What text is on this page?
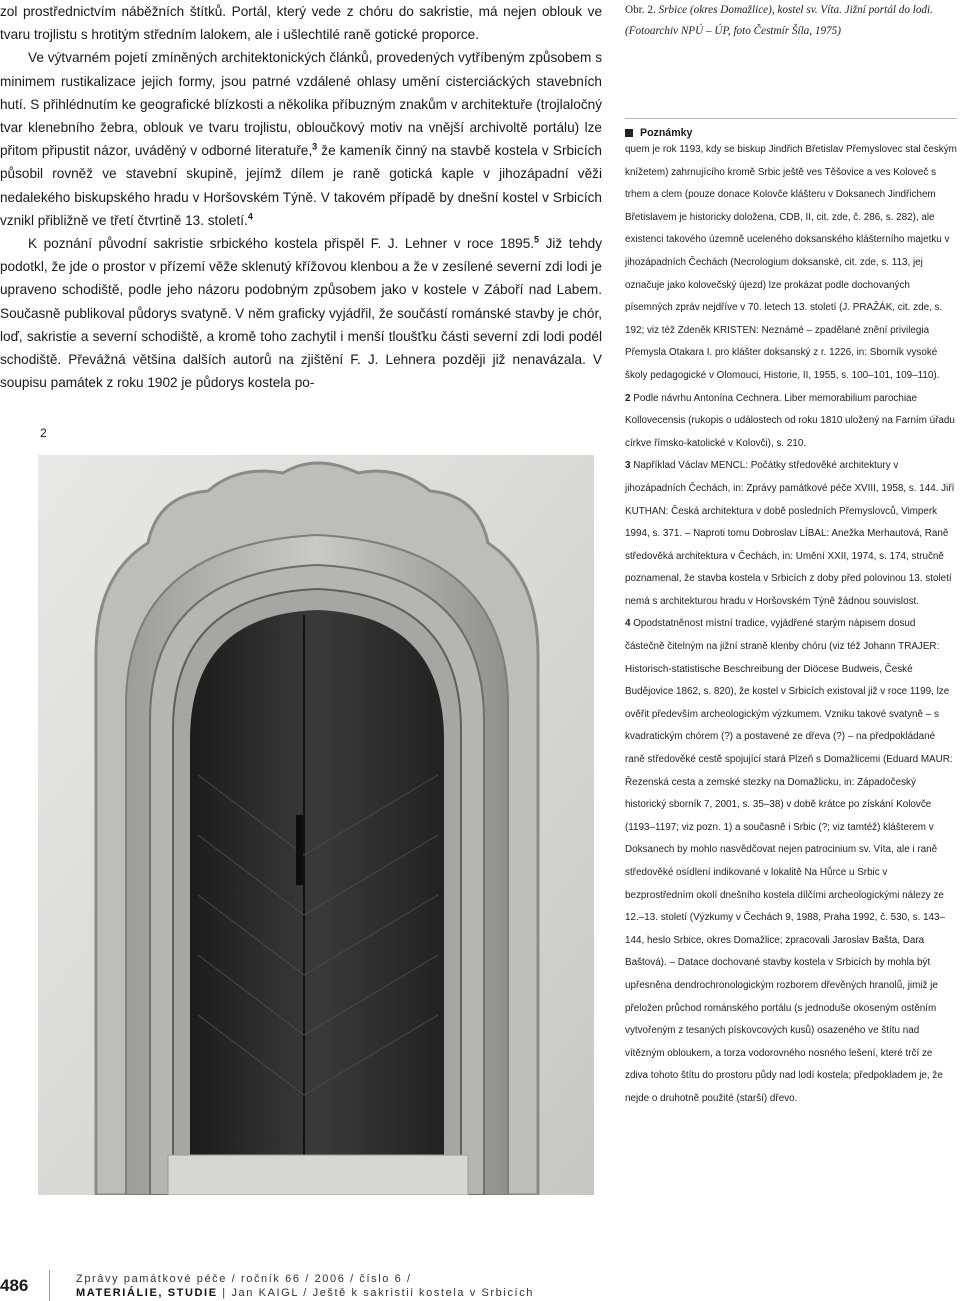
zol prostřednictvím náběžních štítků. Portál, který vede z chóru do sakristie, má nejen oblouk ve tvaru trojlistu s hrotitým středním lalokem, ale i ušlechtilé raně gotické proporce.

Ve výtvarném pojetí zmíněných architektonických článků, provedených vytříbeným způsobem s minimem rustikalizace jejich formy, jsou patrné vzdálené ohlasy umění cisterciáckých stavebních hutí. S přihlédnutím ke geografické blízkosti a několika příbuzným znakům v architektuře (trojlaločný tvar klenebního žebra, oblouk ve tvaru trojlistu, obloučkový motiv na vnější archivoltě portálu) lze přitom připustit názor, uváděný v odborné literatuře,$^3$ že kameník činný na stavbě kostela v Srbicích působil rovněž ve stavební skupině, jejímž dílem je raně gotická kaple v jihozápadní věži nedalekého biskupského hradu v Horšovském Týně. V takovém případě by dnešní kostel v Srbicích vznikl přibližně ve třetí čtvrtině 13. století.$^4$

K poznání původní sakristie srbického kostela přispěl F. J. Lehner v roce 1895.$^5$ Již tehdy podotkl, že jde o prostor v přízemí věže sklenutý křížovou klenbou a že v zesílené severní zdi lodi je upraveno schodiště, podle jeho názoru podobným způsobem jako v kostele v Záboří nad Labem. Současně publikoval půdorys svatyně. V něm graficky vyjádřil, že součástí románské stavby je chór, loď, sakristie a severní schodiště, a kromě toho zachytil i menší tloušťku části severní zdi lodi podél schodiště. Převážná většina dalších autorů na zjištění F. J. Lehnera později již nenavázala. V soupisu památek z roku 1902 je půdorys kostela po-

2
Obr. 2. Srbice (okres Domažlice), kostel sv. Víta. Jižní portál do lodi. (Fotoarchiv NPÚ – ÚP, foto Čestmír Šíla, 1975)
Poznámky

quem je rok 1193, kdy se biskup Jindřich Břetislav Přemyslovec stal českým knížetem) zahrnujícího kromě Srbic ještě ves Těšovice a ves Koloveč s trhem a clem (pouze donace Kolovče klášteru v Doksanech Jindřichem Břetislavem je historicky doložena, CDB, II, cit. zde, č. 286, s. 282), ale existenci takového územně uceleného doksanského klášterního majetku v jihozápadních Čechách (Necrologium doksanské, cit. zde, s. 113, jej označuje jako kolovečský újezd) lze prokázat podle dochovaných písemných zpráv nejdříve v 70. letech 13. století (J. PRAŽÁK, cit. zde, s. 192; viz též Zdeněk KRISTEN: Neznámé – zpadělané znění privilegia Přemysla Otakara I. pro klášter doksanský z r. 1226, in: Sborník vysoké školy pedagogické v Olomouci, Historie, II, 1955, s. 100–101, 109–110).

2 Podle návrhu Antonína Cechnera. Liber memorabilium parochiae Kollovecensis (rukopis o událostech od roku 1810 uložený na Farním úřadu církve římsko-katolické v Kolovči), s. 210.

3 Například Václav MENCL: Počátky středověké architektury v jihozápadních Čechách, in: Zprávy památkové péče XVIII, 1958, s. 144. Jiří KUTHAN: Česká architektura v době posledních Přemyslovců, Vimperk 1994, s. 371. – Naproti tomu Dobroslav LÍBAL: Anežka Merhautová, Raně středověká architektura v Čechách, in: Umění XXII, 1974, s. 174, stručně poznamenal, že stavba kostela v Srbicích z doby před polovinou 13. století nemá s architekturou hradu v Horšovském Týně žádnou souvislost.

4 Opodstatněnost místní tradice, vyjádřené starým nápisem dosud částečně čitelným na jižní straně klenby chóru (viz též Johann TRAJER: Historisch-statistische Beschreibung der Diöcese Budweis, České Budějovice 1862, s. 820), že kostel v Srbicích existoval již v roce 1199, lze ověřit především archeologickým výzkumem. Vzniku takové svatyně – s kvadratickým chórem (?) a postavené ze dřeva (?) – na předpokládané raně středověké cestě spojující stará Plzeň s Domažlicemi (Eduard MAUR: Řezenská cesta a zemské stezky na Domažlicku, in: Západočeský historický sborník 7, 2001, s. 35–38) v době krátce po získání Kolovče (1193–1197; viz pozn. 1) a současně i Srbic (?; viz tamtéž) klášterem v Doksanech by mohlo nasvědčovat nejen patrocinium sv. Víta, ale i raně středověké osídlení indikované v lokalitě Na Hůrce u Srbic v bezprostředním okolí dnešního kostela dílčími archeologickými nálezy ze 12.–13. století (Výzkumy v Čechách 9, 1988, Praha 1992, č. 530, s. 143–144, heslo Srbice, okres Domažlice; zpracovali Jaroslav Bašta, Dara Baštová). – Datace dochované stavby kostela v Srbicích by mohla být upřesněna dendrochronologickým rozborem dřevěných hranolů, jimiž je přeložen průchod románského portálu (s jednoduše okoseným ostěním vytvořeným z tesaných pískovcových kusů) osazeného ve štítu nad vítězným obloukem, a torza vodorovného nosného lešení, které trčí ze zdiva tohoto štítu do prostoru půdy nad lodí kostela; předpokladem je, že nejde o druhotně použité (starší) dřevo.

486	Zprávy památkové péče / ročník 66 / 2006 / číslo 6 /
MATERIÁLIE, STUDIE | Jan KAIGL / Ještě k sakristii kostela v Srbicích
